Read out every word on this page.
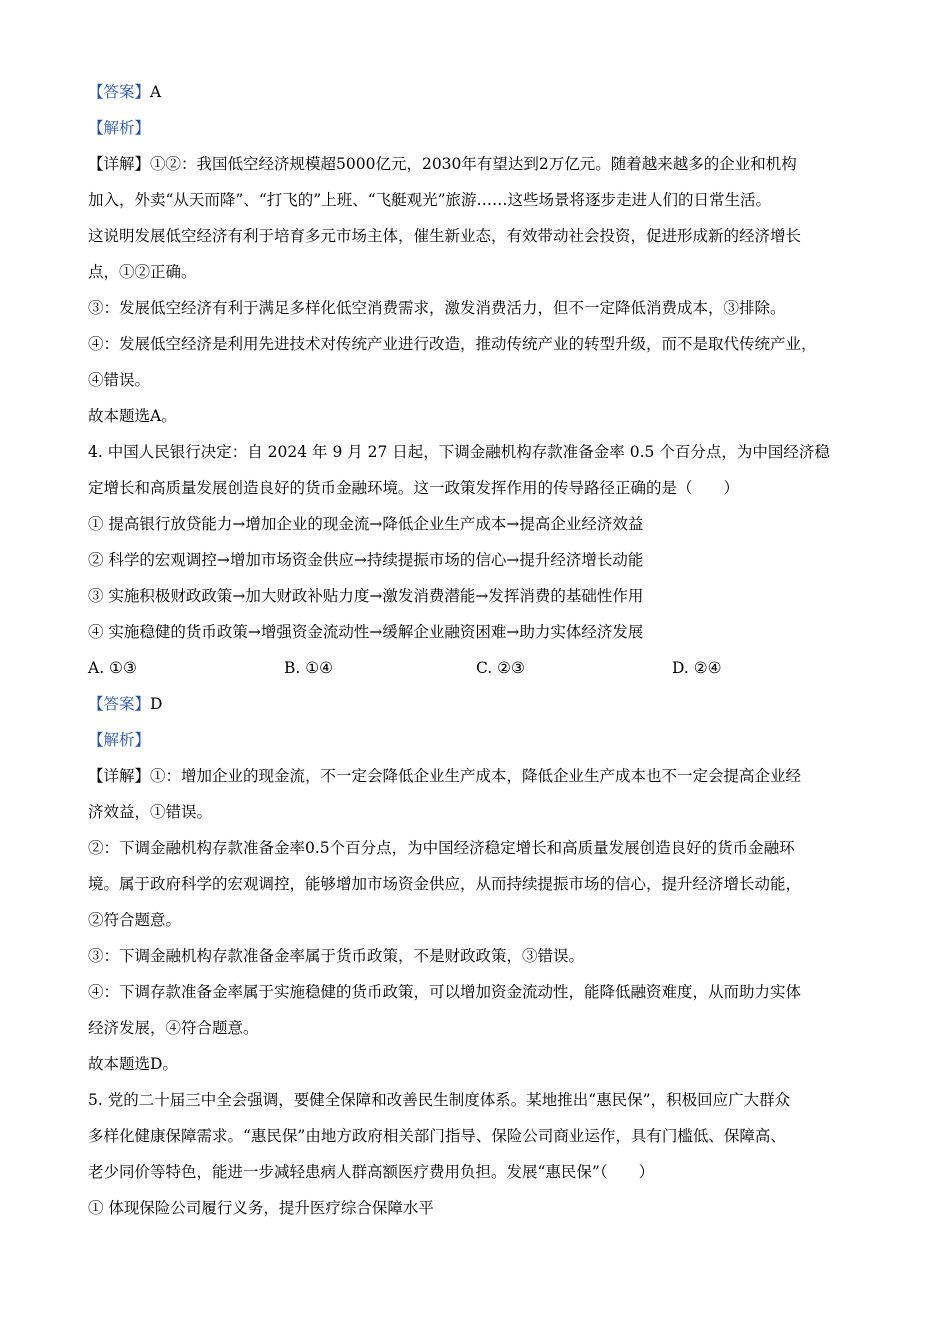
【答案】A
【解析】
【详解】①②：我国低空经济规模超5000亿元，2030年有望达到2万亿元。随着越来越多的企业和机构
加入，外卖“从天而降”、“打飞的”上班、“飞艇观光”旅游……这些场景将逐步走进人们的日常生活。
这说明发展低空经济有利于培育多元市场主体，催生新业态，有效带动社会投资，促进形成新的经济增长
点，①②正确。
③：发展低空经济有利于满足多样化低空消费需求，激发消费活力，但不一定降低消费成本，③排除。
④：发展低空经济是利用先进技术对传统产业进行改造，推动传统产业的转型升级，而不是取代传统产业，
④错误。
故本题选A。
4. 中国人民银行决定：自 2024 年 9 月 27 日起，下调金融机构存款准备金率 0.5 个百分点，为中国经济稳
定增长和高质量发展创造良好的货币金融环境。这一政策发挥作用的传导路径正确的是（　　）
① 提高银行放贷能力→增加企业的现金流→降低企业生产成本→提高企业经济效益
② 科学的宏观调控→增加市场资金供应→持续提振市场的信心→提升经济增长动能
③ 实施积极财政政策→加大财政补贴力度→激发消费潜能→发挥消费的基础性作用
④ 实施稳健的货币政策→增强资金流动性→缓解企业融资困难→助力实体经济发展
A. ①③	B. ①④	C. ②③	D. ②④
【答案】D
【解析】
【详解】①：增加企业的现金流，不一定会降低企业生产成本，降低企业生产成本也不一定会提高企业经
济效益，①错误。
②：下调金融机构存款准备金率0.5个百分点，为中国经济稳定增长和高质量发展创造良好的货币金融环
境。属于政府科学的宏观调控，能够增加市场资金供应，从而持续提振市场的信心，提升经济增长动能，
②符合题意。
③：下调金融机构存款准备金率属于货币政策，不是财政政策，③错误。
④：下调存款准备金率属于实施稳健的货币政策，可以增加资金流动性，能降低融资难度，从而助力实体
经济发展，④符合题意。
故本题选D。
5. 党的二十届三中全会强调，要健全保障和改善民生制度体系。某地推出“惠民保”，积极回应广大群众
多样化健康保障需求。“惠民保”由地方政府相关部门指导、保险公司商业运作，具有门槛低、保障高、
老少同价等特色，能进一步减轻患病人群高额医疗费用负担。发展“惠民保”（　　）
① 体现保险公司履行义务，提升医疗综合保障水平
